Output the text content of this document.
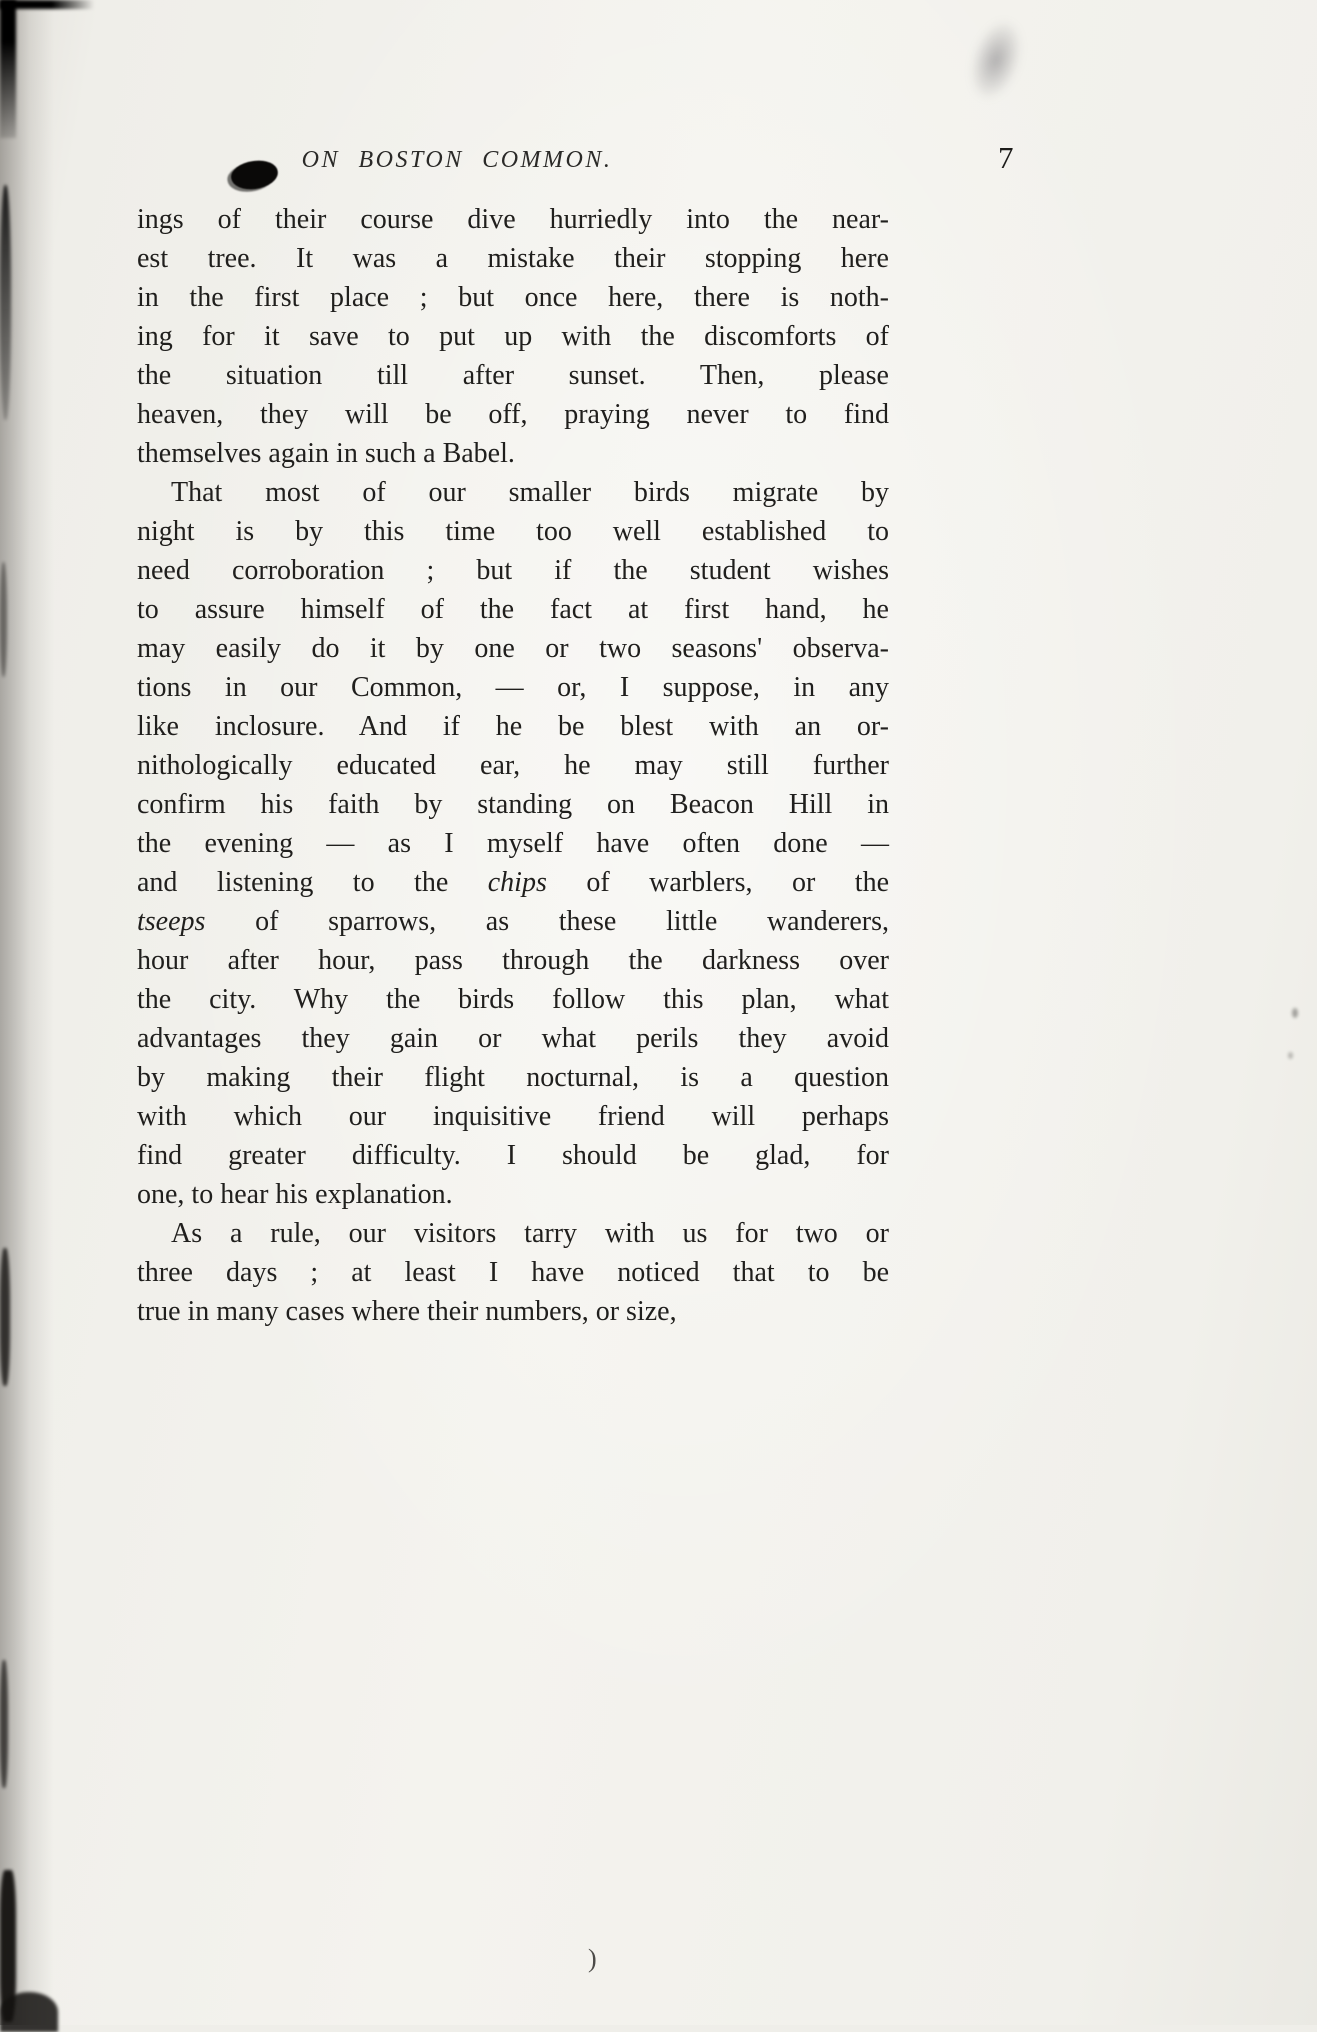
ON BOSTON COMMON.	7
ings of their course dive hurriedly into the near-
est tree. It was a mistake their stopping here
in the first place ; but once here, there is noth-
ing for it save to put up with the discomforts of
the situation till after sunset. Then, please
heaven, they will be off, praying never to find
themselves again in such a Babel.
That most of our smaller birds migrate by
night is by this time too well established to
need corroboration ; but if the student wishes
to assure himself of the fact at first hand, he
may easily do it by one or two seasons' observa-
tions in our Common, — or, I suppose, in any
like inclosure. And if he be blest with an or-
nithologically educated ear, he may still further
confirm his faith by standing on Beacon Hill in
the evening — as I myself have often done —
and listening to the chips of warblers, or the
tseeps of sparrows, as these little wanderers,
hour after hour, pass through the darkness over
the city. Why the birds follow this plan, what
advantages they gain or what perils they avoid
by making their flight nocturnal, is a question
with which our inquisitive friend will perhaps
find greater difficulty. I should be glad, for
one, to hear his explanation.
As a rule, our visitors tarry with us for two or
three days ; at least I have noticed that to be
true in many cases where their numbers, or size,
)
